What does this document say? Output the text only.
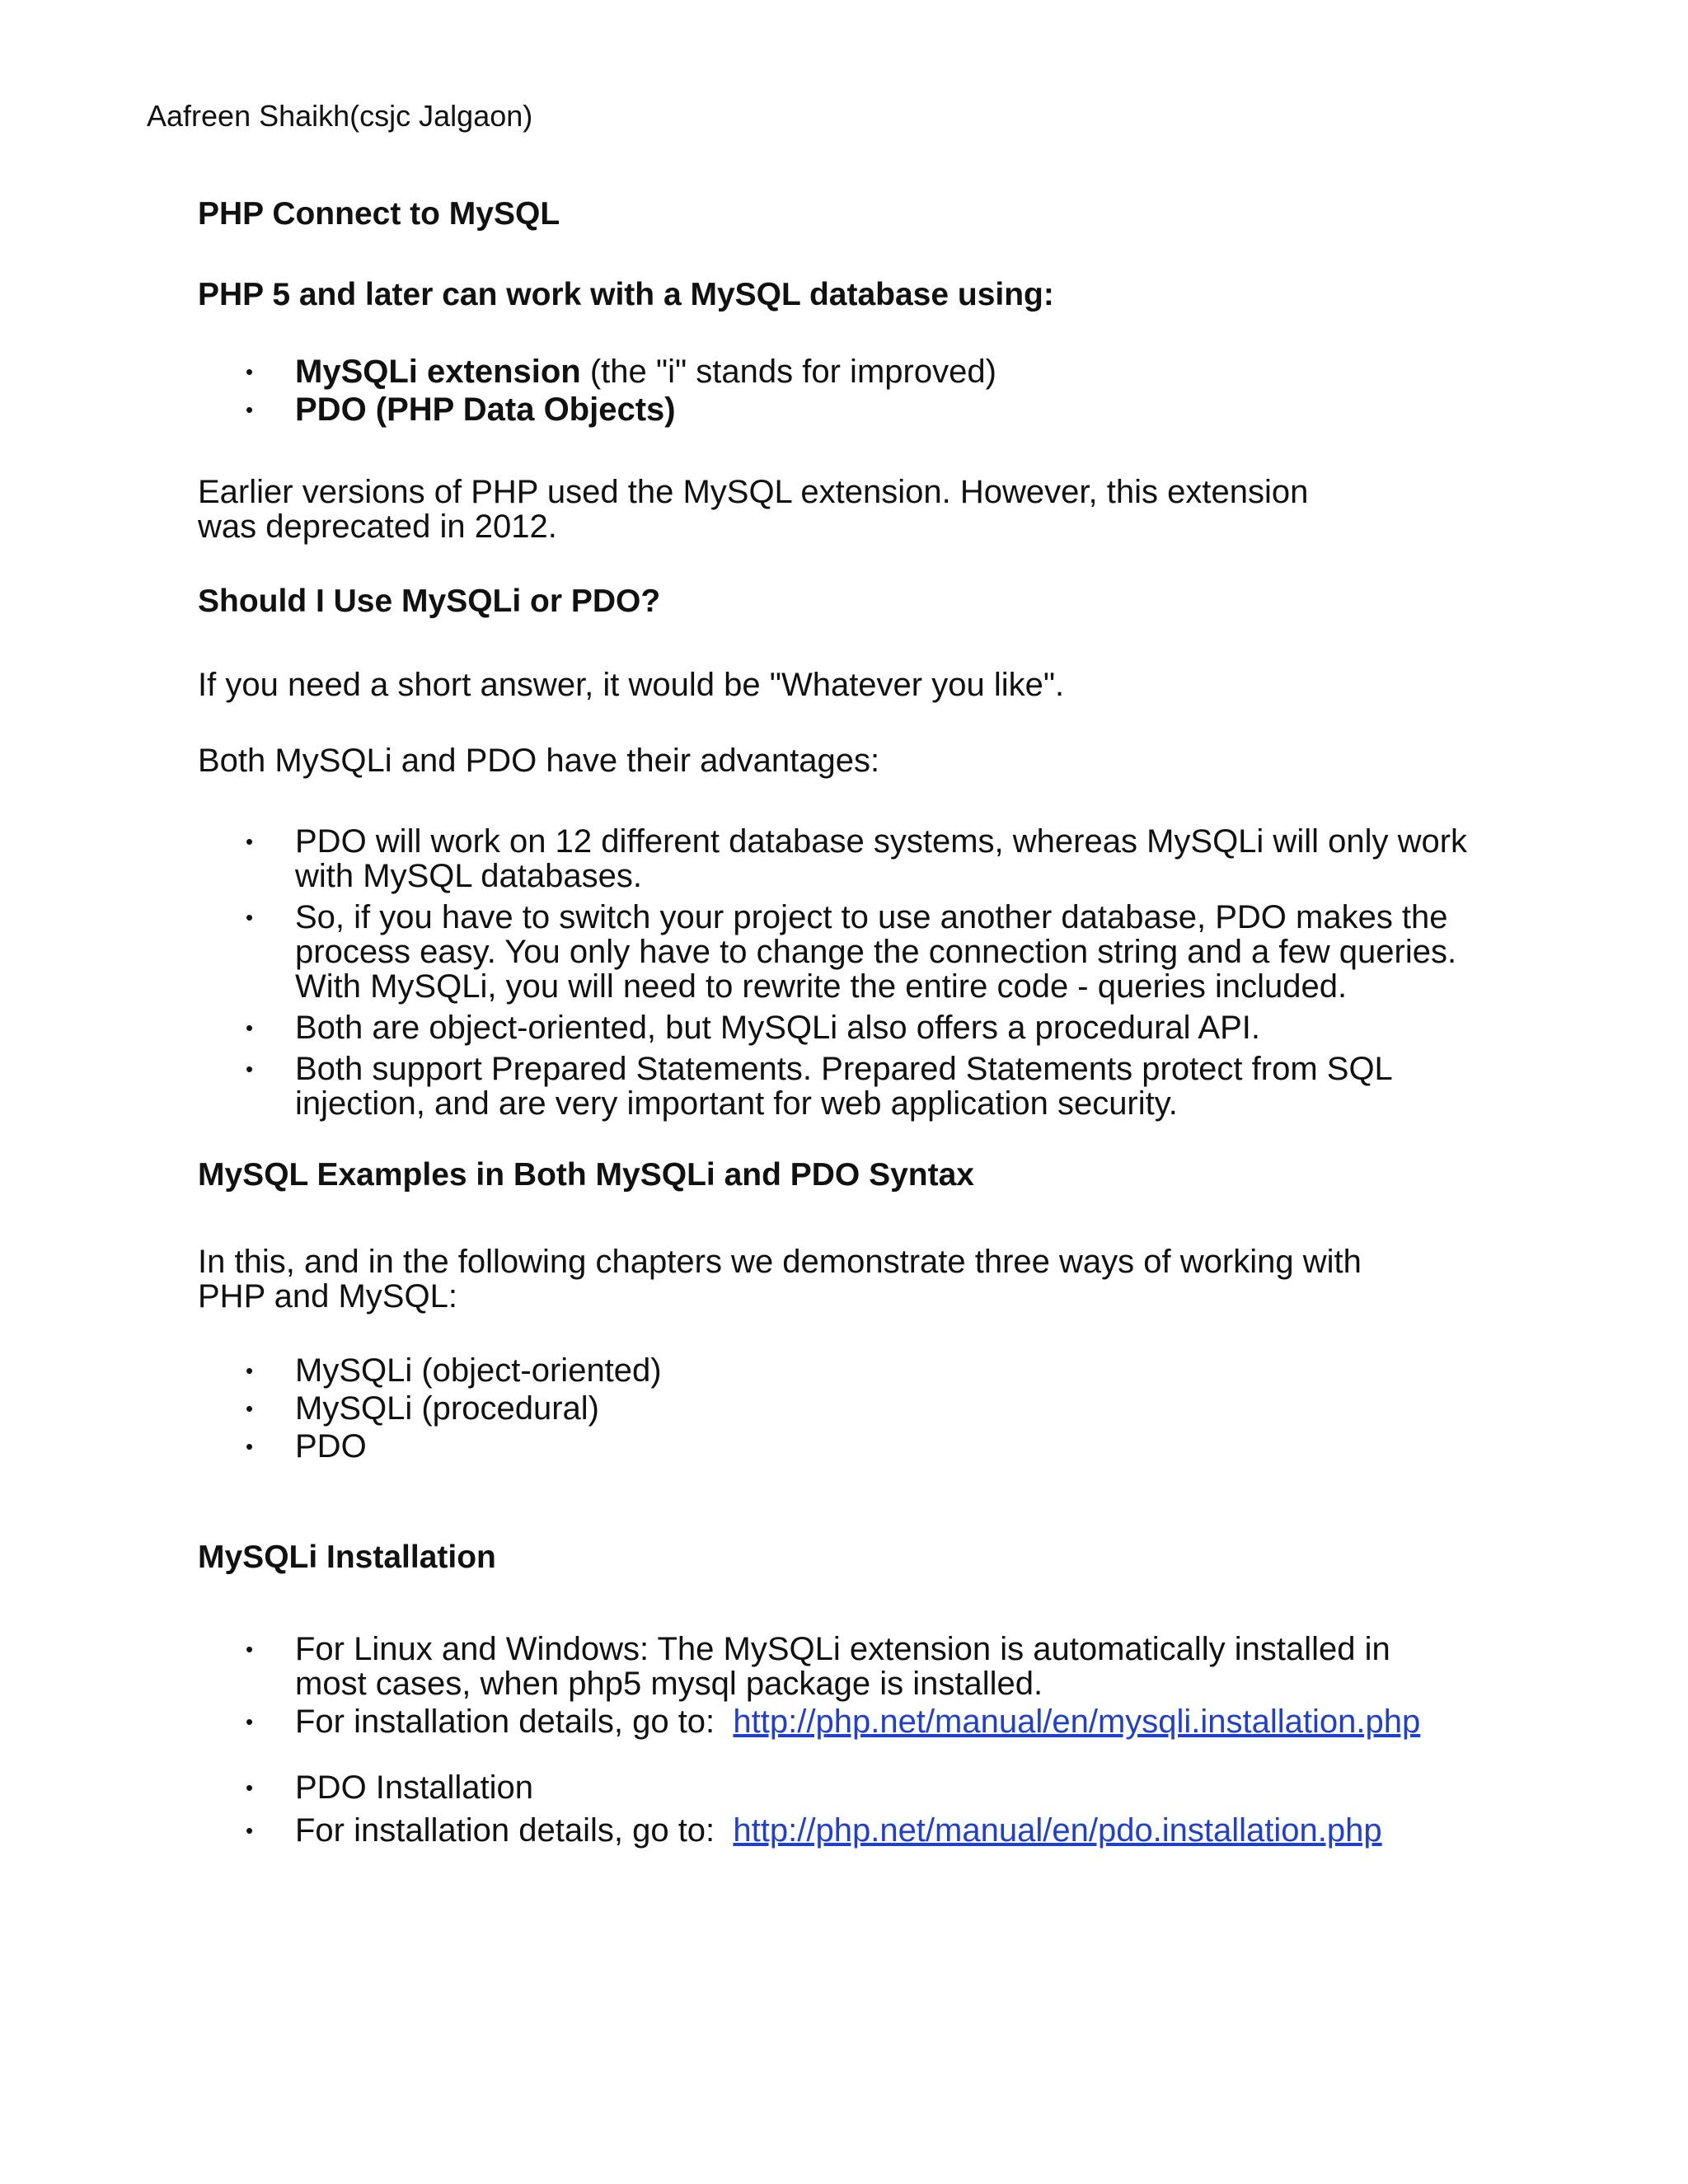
Aafreen Shaikh(csjc Jalgaon)
PHP Connect to MySQL
PHP 5 and later can work with a MySQL database using:
• MySQLi extension (the "i" stands for improved)
• PDO (PHP Data Objects)
Earlier versions of PHP used the MySQL extension. However, this extension
was deprecated in 2012.
Should I Use MySQLi or PDO?
If you need a short answer, it would be "Whatever you like".
Both MySQLi and PDO have their advantages:
• PDO will work on 12 different database systems, whereas MySQLi will only work
with MySQL databases.
• So, if you have to switch your project to use another database, PDO makes the
process easy. You only have to change the connection string and a few queries.
With MySQLi, you will need to rewrite the entire code - queries included.
• Both are object-oriented, but MySQLi also offers a procedural API.
• Both support Prepared Statements. Prepared Statements protect from SQL
injection, and are very important for web application security.
MySQL Examples in Both MySQLi and PDO Syntax
In this, and in the following chapters we demonstrate three ways of working with
PHP and MySQL:
• MySQLi (object-oriented)
• MySQLi (procedural)
• PDO
MySQLi Installation
• For Linux and Windows: The MySQLi extension is automatically installed in
most cases, when php5 mysql package is installed.
• For installation details, go to: http://php.net/manual/en/mysqli.installation.php
• PDO Installation
• For installation details, go to: http://php.net/manual/en/pdo.installation.php
